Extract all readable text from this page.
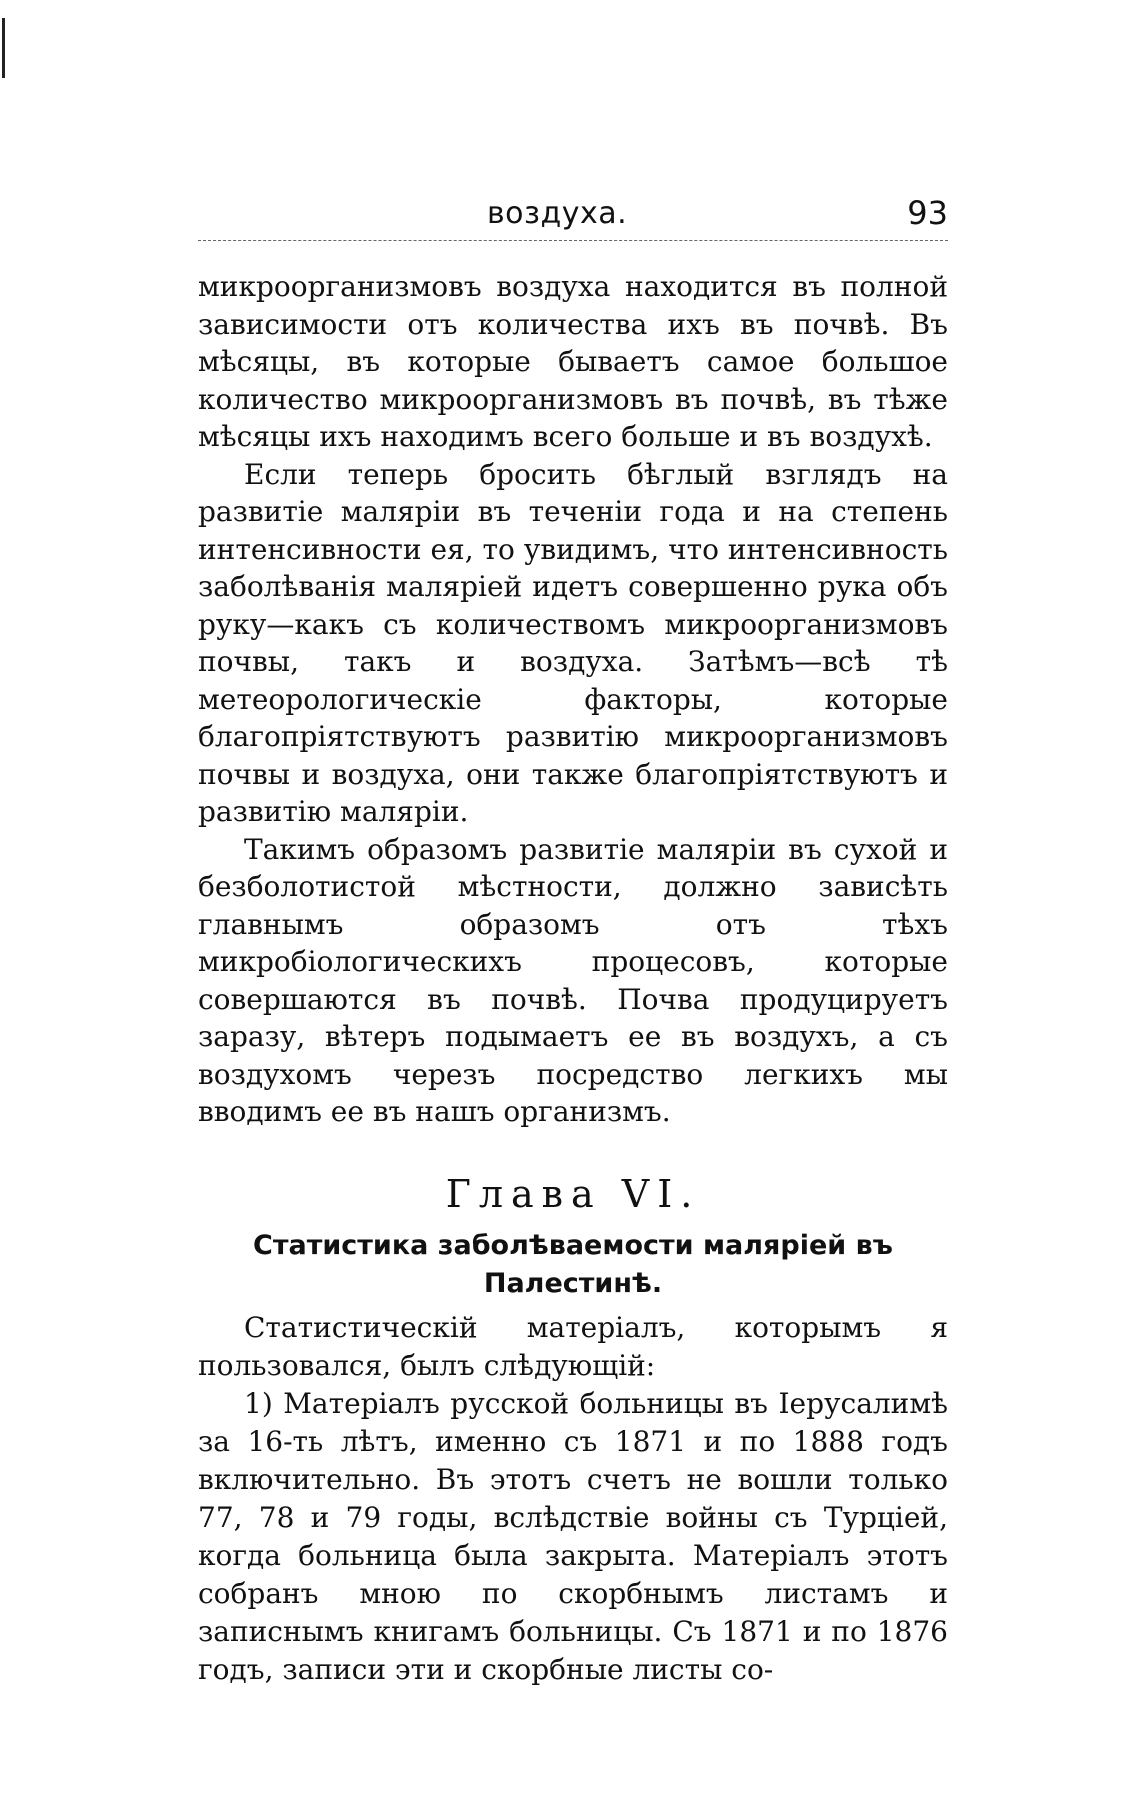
воздуха.	93

микроорганизмовъ воздуха находится въ полной зависимости отъ количества ихъ въ почвѣ. Въ мѣсяцы, въ которые бываетъ самое большое количество микроорганизмовъ въ почвѣ, въ тѣже мѣсяцы ихъ находимъ всего больше и въ воздухѣ.

Если теперь бросить бѣглый взглядъ на развитіе маляріи въ теченіи года и на степень интенсивности ея, то увидимъ, что интенсивность заболѣванія маляріей идетъ совершенно рука объ руку—какъ съ количествомъ микроорганизмовъ почвы, такъ и воздуха. Затѣмъ—всѣ тѣ метеорологическіе факторы, которые благопріятствуютъ развитію микроорганизмовъ почвы и воздуха, они также благопріятствуютъ и развитію маляріи.

Такимъ образомъ развитіе маляріи въ сухой и безболотистой мѣстности, должно зависѣть главнымъ образомъ отъ тѣхъ микробіологическихъ процесовъ, которые совершаются въ почвѣ. Почва продуцируетъ заразу, вѣтеръ подымаетъ ее въ воздухъ, а съ воздухомъ черезъ посредство легкихъ мы вводимъ ее въ нашъ организмъ.

Глава VI.
Статистика заболѣваемости маляріей въ Палестинѣ.

Статистическій матеріалъ, которымъ я пользовался, былъ слѣдующій:

1) Матеріалъ русской больницы въ Іерусалимѣ за 16-ть лѣтъ, именно съ 1871 и по 1888 годъ включительно. Въ этотъ счетъ не вошли только 77, 78 и 79 годы, вслѣдствіе войны съ Турціей, когда больница была закрыта. Матеріалъ этотъ собранъ мною по скорбнымъ листамъ и записнымъ книгамъ больницы. Съ 1871 и по 1876 годъ, записи эти и скорбные листы со-
